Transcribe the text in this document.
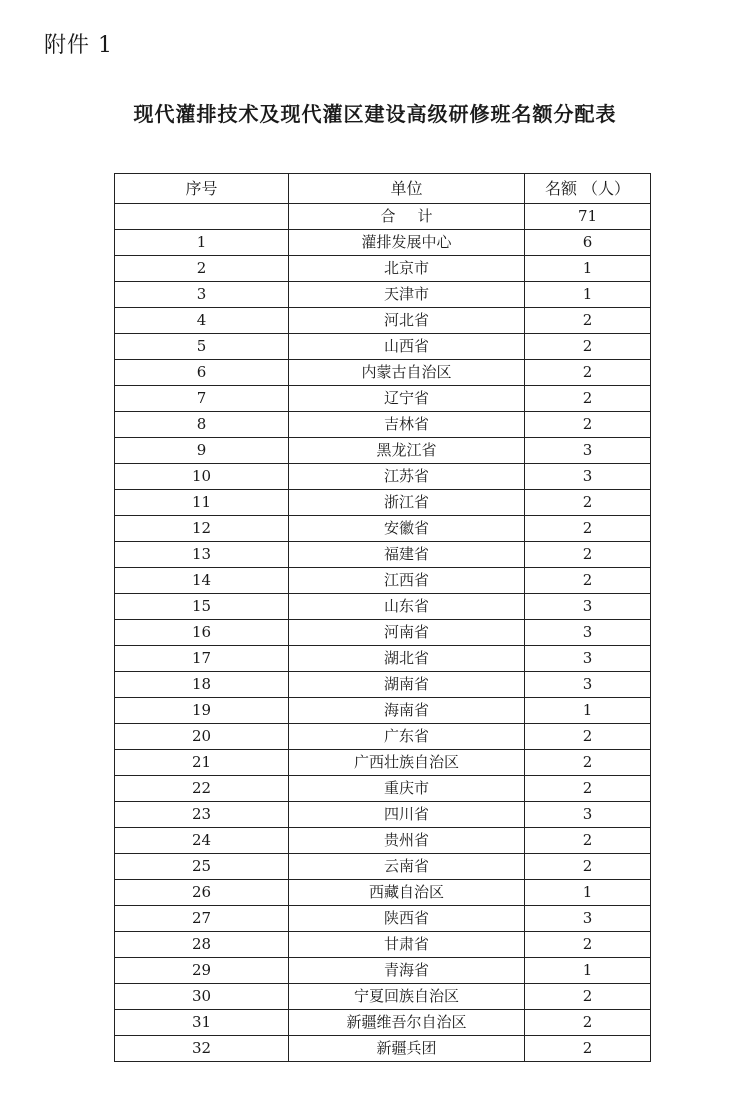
附件 1
现代灌排技术及现代灌区建设高级研修班名额分配表
序号	单位	名额 （人）
	合计	71
1	灌排发展中心	6
2	北京市	1
3	天津市	1
4	河北省	2
5	山西省	2
6	内蒙古自治区	2
7	辽宁省	2
8	吉林省	2
9	黑龙江省	3
10	江苏省	3
11	浙江省	2
12	安徽省	2
13	福建省	2
14	江西省	2
15	山东省	3
16	河南省	3
17	湖北省	3
18	湖南省	3
19	海南省	1
20	广东省	2
21	广西壮族自治区	2
22	重庆市	2
23	四川省	3
24	贵州省	2
25	云南省	2
26	西藏自治区	1
27	陕西省	3
28	甘肃省	2
29	青海省	1
30	宁夏回族自治区	2
31	新疆维吾尔自治区	2
32	新疆兵团	2
